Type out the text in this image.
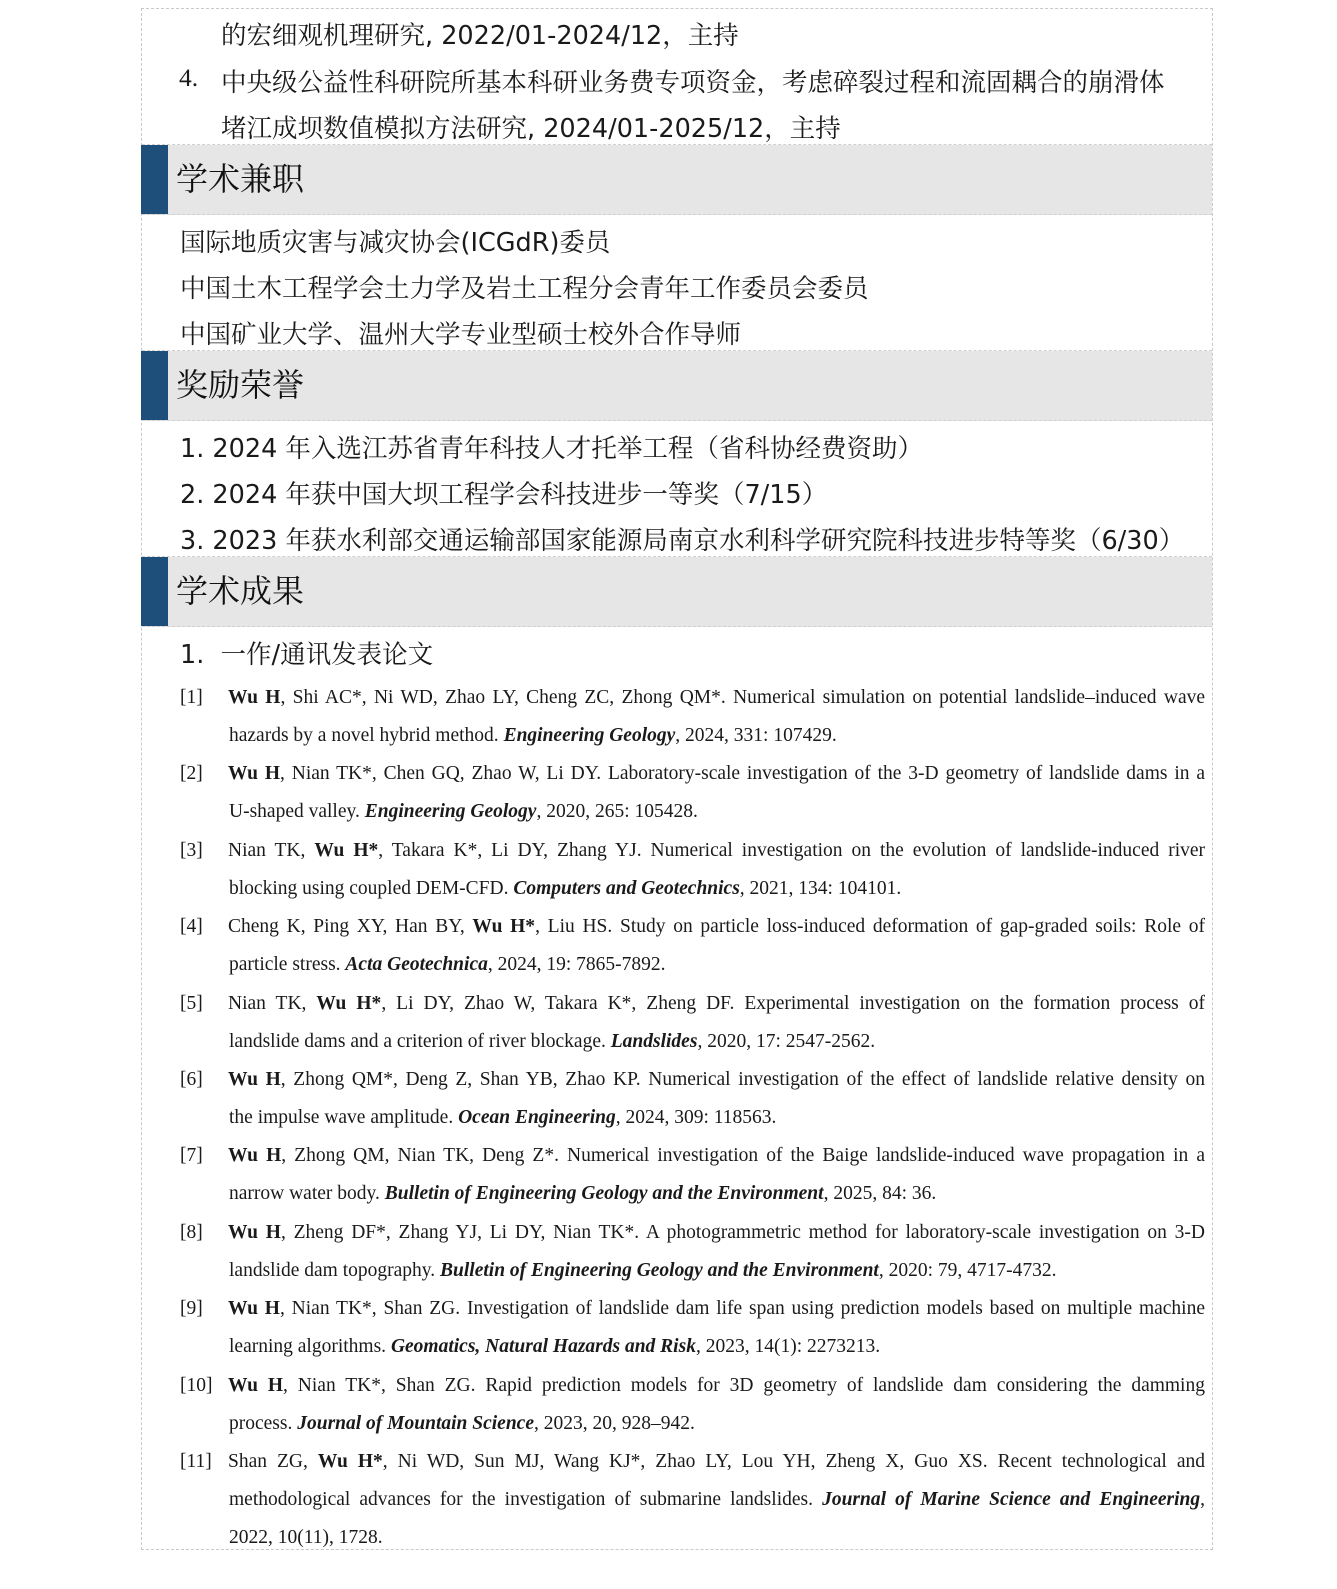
的宏细观机理研究, 2022/01-2024/12，主持
4. 中央级公益性科研院所基本科研业务费专项资金，考虑碎裂过程和流固耦合的崩滑体
堵江成坝数值模拟方法研究, 2024/01-2025/12，主持
学术兼职
国际地质灾害与减灾协会(ICGdR)委员
中国土木工程学会土力学及岩土工程分会青年工作委员会委员
中国矿业大学、温州大学专业型硕士校外合作导师
奖励荣誉
1. 2024 年入选江苏省青年科技人才托举工程（省科协经费资助）
2. 2024 年获中国大坝工程学会科技进步一等奖（7/15）
3. 2023 年获水利部交通运输部国家能源局南京水利科学研究院科技进步特等奖（6/30）
学术成果
1.  一作/通讯发表论文
[1] Wu H, Shi AC*, Ni WD, Zhao LY, Cheng ZC, Zhong QM*. Numerical simulation on potential landslide–induced wave
hazards by a novel hybrid method. Engineering Geology, 2024, 331: 107429.
[2] Wu H, Nian TK*, Chen GQ, Zhao W, Li DY. Laboratory-scale investigation of the 3-D geometry of landslide dams in a
U-shaped valley. Engineering Geology, 2020, 265: 105428.
[3] Nian TK, Wu H*, Takara K*, Li DY, Zhang YJ. Numerical investigation on the evolution of landslide-induced river
blocking using coupled DEM-CFD. Computers and Geotechnics, 2021, 134: 104101.
[4] Cheng K, Ping XY, Han BY, Wu H*, Liu HS. Study on particle loss-induced deformation of gap-graded soils: Role of
particle stress. Acta Geotechnica, 2024, 19: 7865-7892.
[5] Nian TK, Wu H*, Li DY, Zhao W, Takara K*, Zheng DF. Experimental investigation on the formation process of
landslide dams and a criterion of river blockage. Landslides, 2020, 17: 2547-2562.
[6] Wu H, Zhong QM*, Deng Z, Shan YB, Zhao KP. Numerical investigation of the effect of landslide relative density on
the impulse wave amplitude. Ocean Engineering, 2024, 309: 118563.
[7] Wu H, Zhong QM, Nian TK, Deng Z*. Numerical investigation of the Baige landslide-induced wave propagation in a
narrow water body. Bulletin of Engineering Geology and the Environment, 2025, 84: 36.
[8] Wu H, Zheng DF*, Zhang YJ, Li DY, Nian TK*. A photogrammetric method for laboratory-scale investigation on 3-D
landslide dam topography. Bulletin of Engineering Geology and the Environment, 2020: 79, 4717-4732.
[9] Wu H, Nian TK*, Shan ZG. Investigation of landslide dam life span using prediction models based on multiple machine
learning algorithms. Geomatics, Natural Hazards and Risk, 2023, 14(1): 2273213.
[10] Wu H, Nian TK*, Shan ZG. Rapid prediction models for 3D geometry of landslide dam considering the damming
process. Journal of Mountain Science, 2023, 20, 928–942.
[11] Shan ZG, Wu H*, Ni WD, Sun MJ, Wang KJ*, Zhao LY, Lou YH, Zheng X, Guo XS. Recent technological and
methodological advances for the investigation of submarine landslides. Journal of Marine Science and Engineering,
2022, 10(11), 1728.
